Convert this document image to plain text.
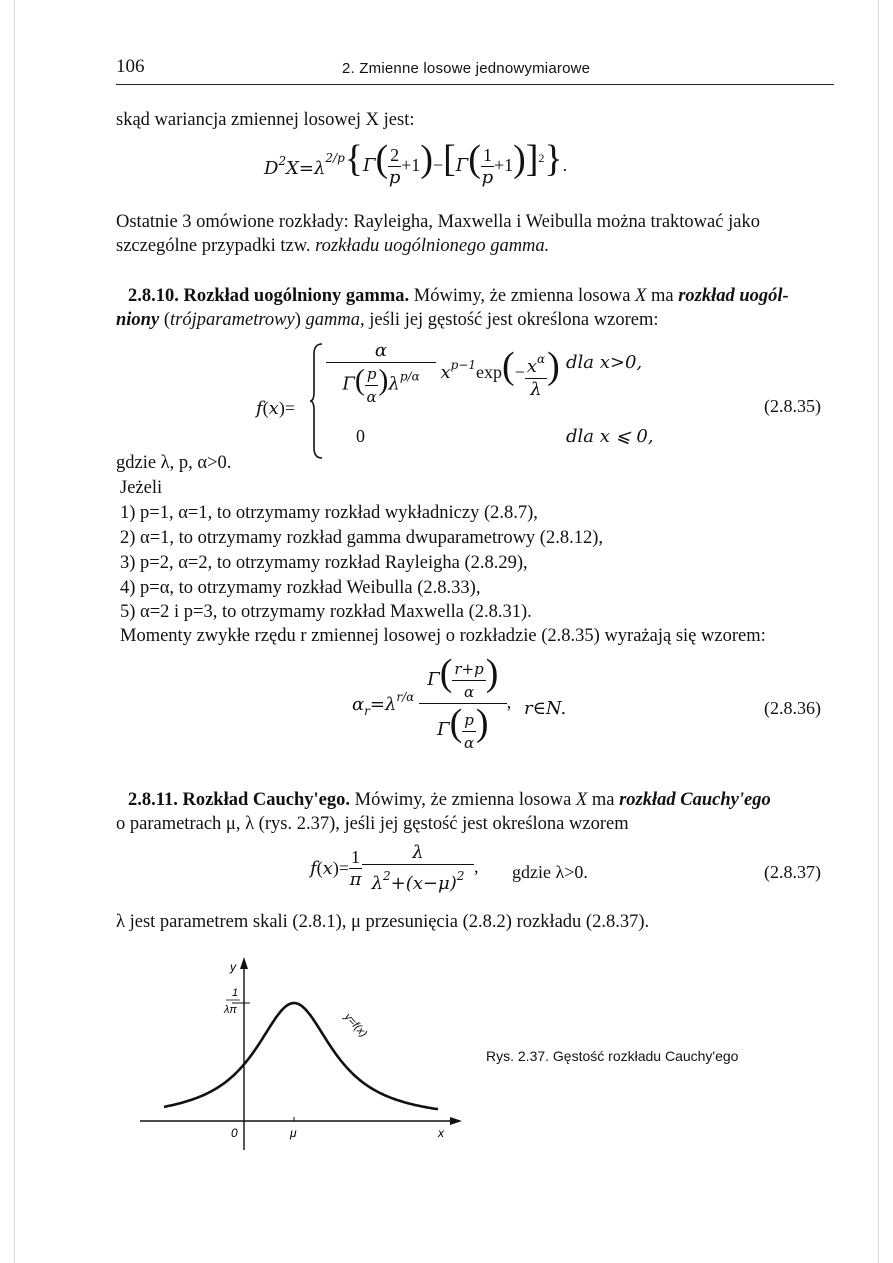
106	2. Zmienne losowe jednowymiarowe
skąd wariancja zmiennej losowej X jest:
$D^2X=\lambda^{2/p}\{\Gamma( \frac{2}{p} +1)-[\Gamma( \frac{1}{p} +1)]^2\}$.
Ostatnie 3 omówione rozkłady: Rayleigha, Maxwella i Weibulla można traktować jako
szczególne przypadki tzw. rozkładu uogólnionego gamma.
2.8.10. Rozkład uogólniony gamma. Mówimy, że zmienna losowa X ma rozkład uogól-
niony (trójparametrowy) gamma, jeśli jej gęstość jest określona wzorem:
$f(x)= \frac{\alpha}{\Gamma( \frac{p}{\alpha} )\lambda^{p/\alpha}} x^{p-1}\exp(- \frac{x^\alpha}{\lambda}$ ) dla x>0,
0	dla x ⩽ 0,
(2.8.35)
gdzie λ, p, α>0.
Jeżeli
1) p=1, α=1, to otrzymamy rozkład wykładniczy (2.8.7),
2) α=1, to otrzymamy rozkład gamma dwuparametrowy (2.8.12),
3) p=2, α=2, to otrzymamy rozkład Rayleigha (2.8.29),
4) p=α, to otrzymamy rozkład Weibulla (2.8.33),
5) α=2 i p=3, to otrzymamy rozkład Maxwella (2.8.31).
Momenty zwykłe rzędu r zmiennej losowej o rozkładzie (2.8.35) wyrażają się wzorem:
$\alpha_r=\lambda^{r/\alpha} \frac{\Gamma( \frac{r+p}{\alpha} )}{\Gamma( \frac{p}{\alpha} )}$ , r∈N.	(2.8.36)
2.8.11. Rozkład Cauchy'ego. Mówimy, że zmienna losowa X ma rozkład Cauchy'ego
o parametrach μ, λ (rys. 2.37), jeśli jej gęstość jest określona wzorem
$f(x)= \frac{1}{\pi} \frac{\lambda}{\lambda^2+(x-\mu)^2}$ , gdzie λ>0.	(2.8.37)
λ jest parametrem skali (2.8.1), μ przesunięcia (2.8.2) rozkładu (2.8.37).
y
1
λπ
0	μ	x
y=f(x)
Rys. 2.37. Gęstość rozkładu Cauchy'ego
